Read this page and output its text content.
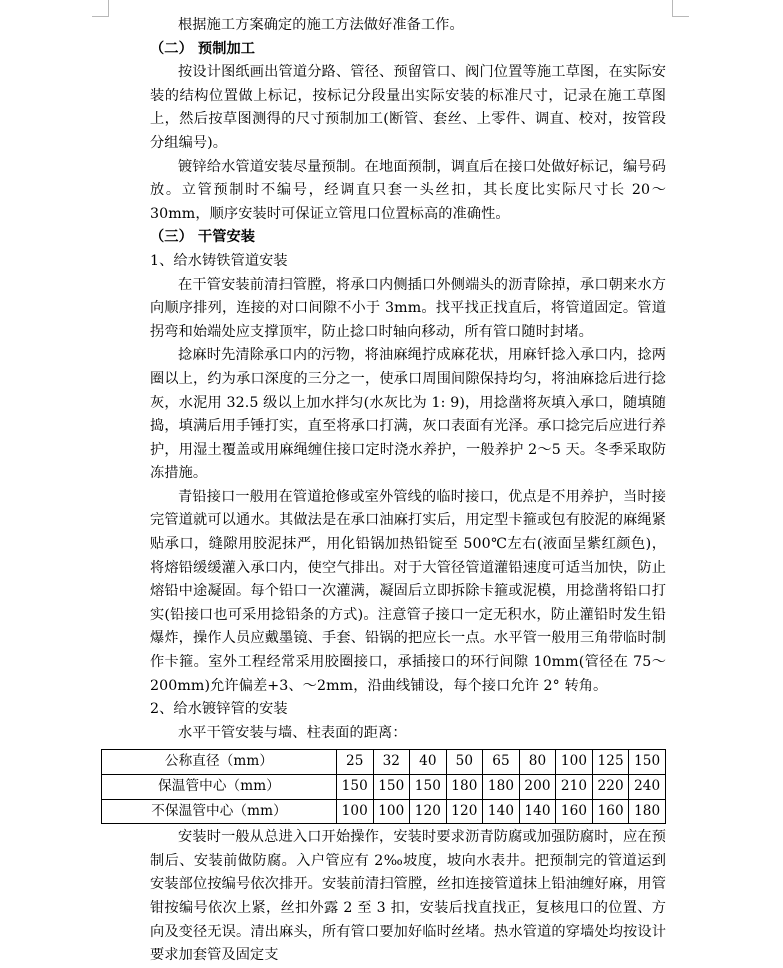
根据施工方案确定的施工方法做好准备工作。

（二） 预制加工

按设计图纸画出管道分路、管径、预留管口、阀门位置等施工草图，在实际安装的结构位置做上标记，按标记分段量出实际安装的标准尺寸，记录在施工草图上，然后按草图测得的尺寸预制加工(断管、套丝、上零件、调直、校对，按管段分组编号)。

镀锌给水管道安装尽量预制。在地面预制，调直后在接口处做好标记，编号码放。立管预制时不编号，经调直只套一头丝扣，其长度比实际尺寸长 20～30mm，顺序安装时可保证立管甩口位置标高的准确性。

（三） 干管安装

1、给水铸铁管道安装

在干管安装前清扫管膛，将承口内侧插口外侧端头的沥青除掉，承口朝来水方向顺序排列，连接的对口间隙不小于 3mm。找平找正找直后，将管道固定。管道拐弯和始端处应支撑顶牢，防止捻口时轴向移动，所有管口随时封堵。

捻麻时先清除承口内的污物，将油麻绳拧成麻花状，用麻钎捻入承口内，捻两圈以上，约为承口深度的三分之一，使承口周围间隙保持均匀，将油麻捻后进行捻灰，水泥用 32.5 级以上加水拌匀(水灰比为 1: 9)，用捻凿将灰填入承口，随填随捣，填满后用手锤打实，直至将承口打满，灰口表面有光泽。承口捻完后应进行养护，用湿土覆盖或用麻绳缠住接口定时浇水养护，一般养护 2～5 天。冬季采取防冻措施。

青铅接口一般用在管道抢修或室外管线的临时接口，优点是不用养护，当时接完管道就可以通水。其做法是在承口油麻打实后，用定型卡箍或包有胶泥的麻绳紧贴承口，缝隙用胶泥抹严，用化铅锅加热铅锭至 500℃左右(液面呈紫红颜色)，将熔铅缓缓灌入承口内，使空气排出。对于大管径管道灌铅速度可适当加快，防止熔铅中途凝固。每个铅口一次灌满，凝固后立即拆除卡箍或泥模，用捻凿将铅口打实(铅接口也可采用捻铅条的方式)。注意管子接口一定无积水，防止灌铅时发生铅爆炸，操作人员应戴墨镜、手套、铅锅的把应长一点。水平管一般用三角带临时制作卡箍。室外工程经常采用胶圈接口，承插接口的环行间隙 10mm(管径在 75～200mm)允许偏差+3、～2mm，沿曲线铺设，每个接口允许 2° 转角。

2、给水镀锌管的安装

水平干管安装与墙、柱表面的距离：

公称直径（mm）	25	32	40	50	65	80	100	125	150
保温管中心（mm）	150	150	150	180	180	200	210	220	240
不保温管中心（mm）	100	100	120	120	140	140	160	160	180

安装时一般从总进入口开始操作，安装时要求沥青防腐或加强防腐时，应在预制后、安装前做防腐。入户管应有 2‰坡度，坡向水表井。把预制完的管道运到安装部位按编号依次排开。安装前清扫管膛，丝扣连接管道抹上铅油缠好麻，用管钳按编号依次上紧，丝扣外露 2 至 3 扣，安装后找直找正，复核甩口的位置、方向及变径无误。清出麻头，所有管口要加好临时丝堵。热水管道的穿墙处均按设计要求加套管及固定支
